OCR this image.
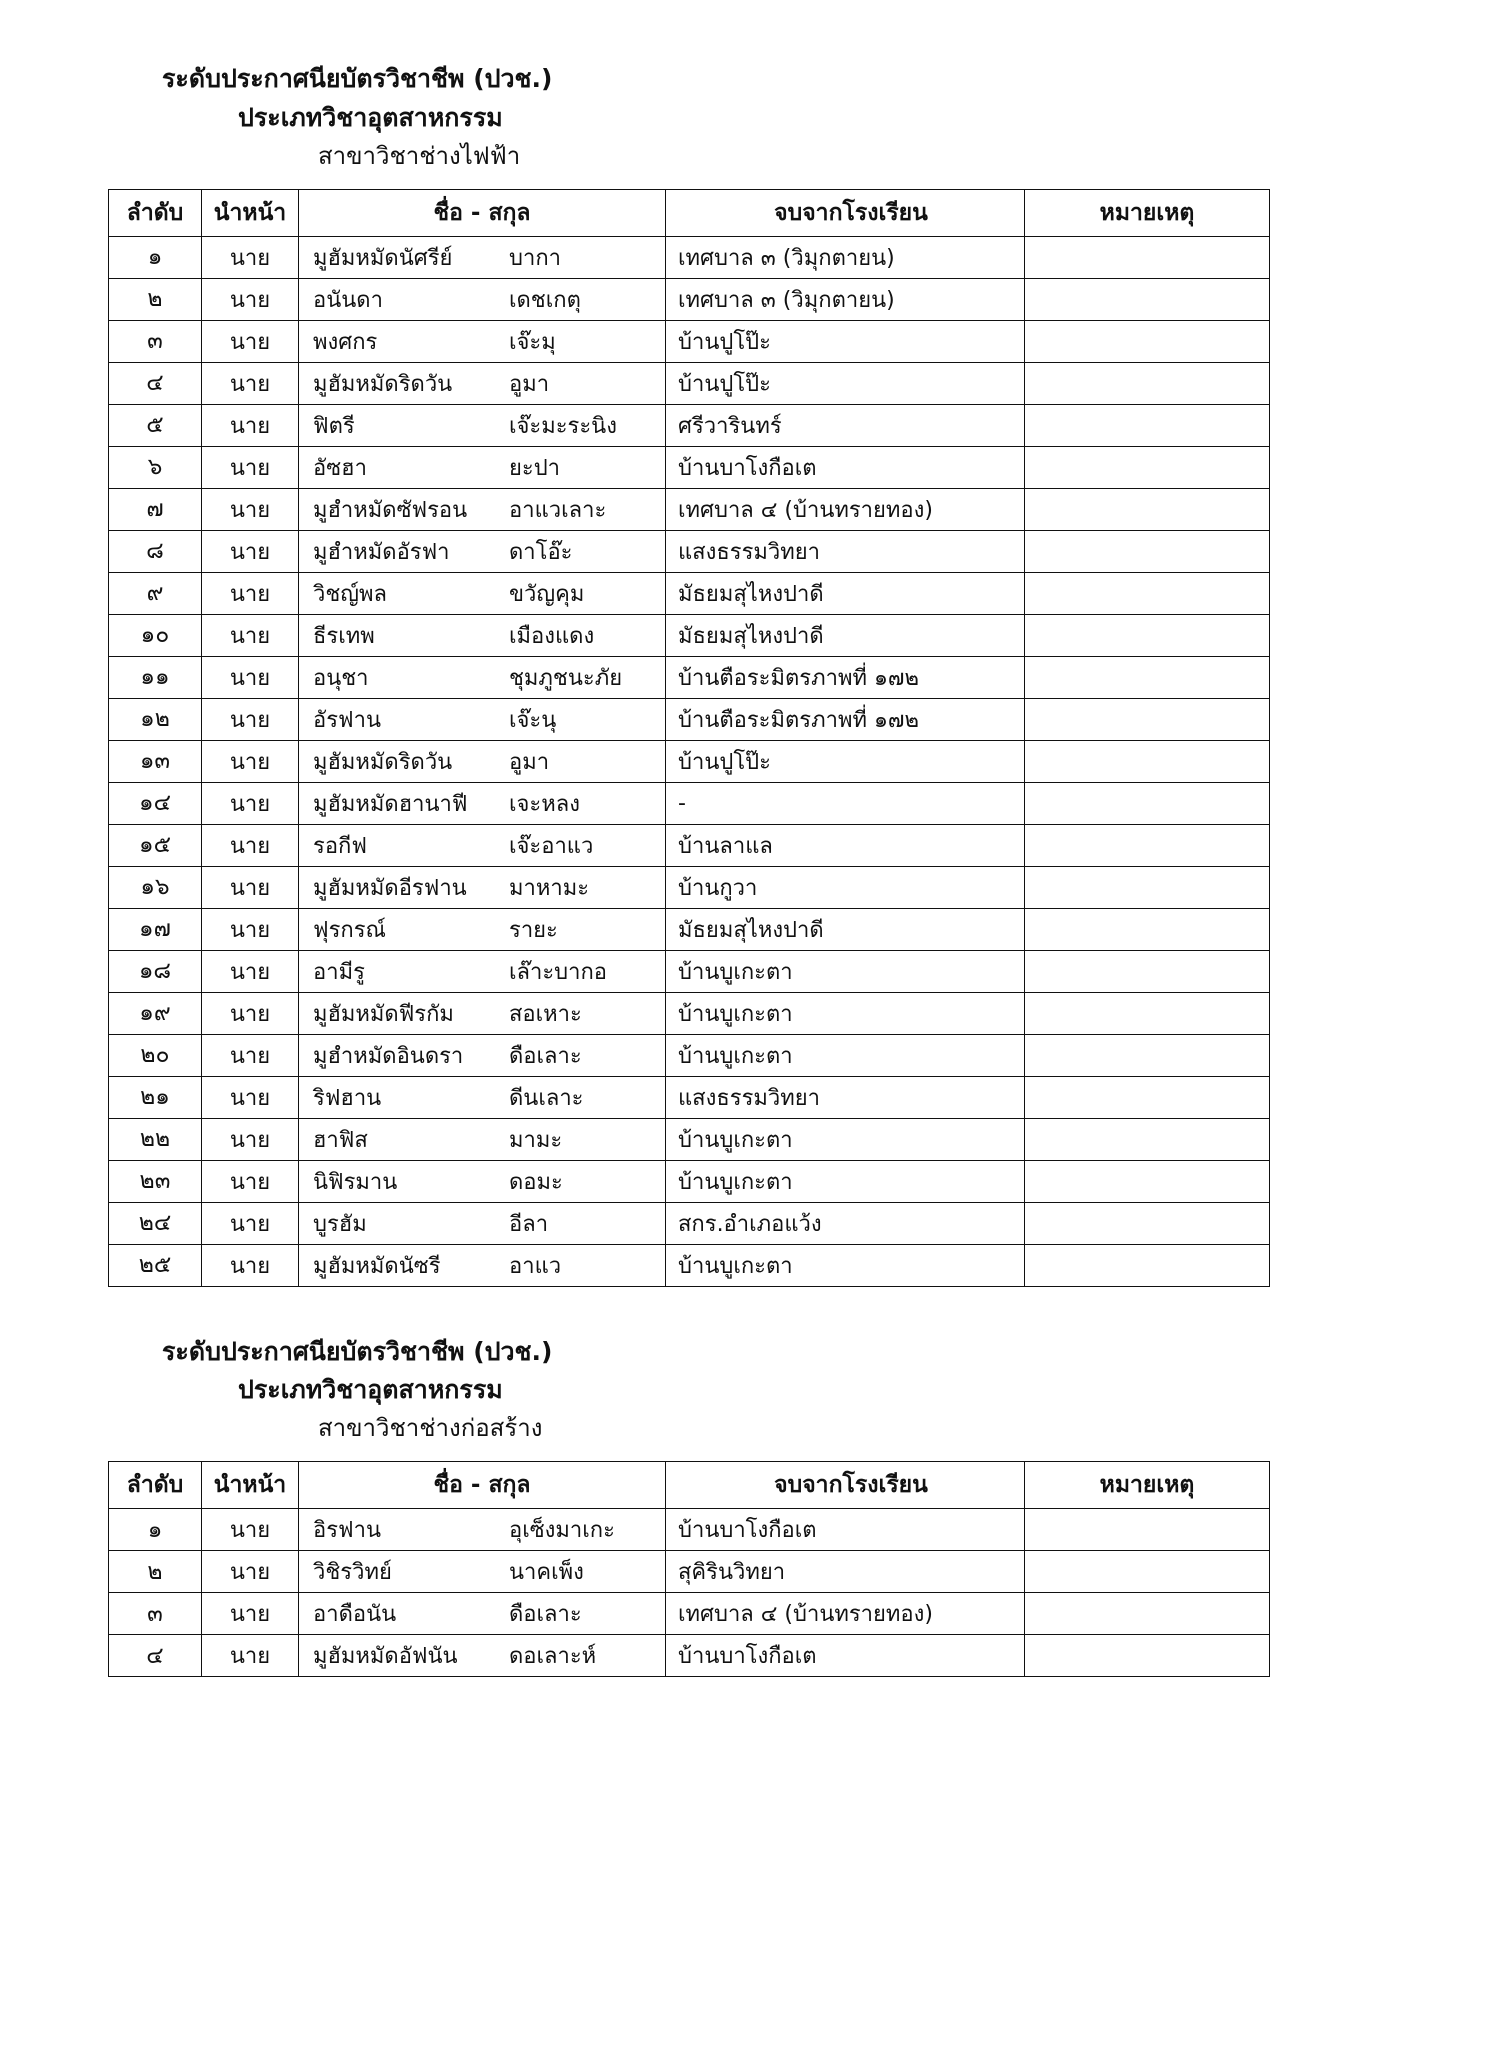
ระดับประกาศนียบัตรวิชาชีพ (ปวช.)
ประเภทวิชาอุตสาหกรรม
สาขาวิชาช่างไฟฟ้า
ลำดับ	นำหน้า	ชื่อ - สกุล	จบจากโรงเรียน	หมายเหตุ
๑	นาย	มูฮัมหมัดนัศรีย์ บากา	เทศบาล ๓ (วิมุกตายน)	
๒	นาย	อนันดา เดชเกตุ	เทศบาล ๓ (วิมุกตายน)	
๓	นาย	พงศกร เจ๊ะมุ	บ้านปูโป๊ะ	
๔	นาย	มูฮัมหมัดริดวัน อูมา	บ้านปูโป๊ะ	
๕	นาย	ฟิตรี เจ๊ะมะระนิง	ศรีวารินทร์	
๖	นาย	อัซฮา ยะปา	บ้านบาโงกือเต	
๗	นาย	มูฮำหมัดซัฟรอน อาแวเลาะ	เทศบาล ๔ (บ้านทรายทอง)	
๘	นาย	มูฮำหมัดอัรฟา ดาโอ๊ะ	แสงธรรมวิทยา	
๙	นาย	วิชญ์พล ขวัญคุม	มัธยมสุไหงปาดี	
๑๐	นาย	ธีรเทพ เมืองแดง	มัธยมสุไหงปาดี	
๑๑	นาย	อนุชา ชุมภูชนะภัย	บ้านตือระมิตรภาพที่ ๑๗๒	
๑๒	นาย	อัรฟาน เจ๊ะนุ	บ้านตือระมิตรภาพที่ ๑๗๒	
๑๓	นาย	มูฮัมหมัดริดวัน อูมา	บ้านปูโป๊ะ	
๑๔	นาย	มูฮัมหมัดฮานาฟี เจะหลง	-	
๑๕	นาย	รอกีฟ เจ๊ะอาแว	บ้านลาแล	
๑๖	นาย	มูฮัมหมัดอีรฟาน มาหามะ	บ้านกูวา	
๑๗	นาย	ฟุรกรณ์ รายะ	มัธยมสุไหงปาดี	
๑๘	นาย	อามีรู เล๊าะบากอ	บ้านบูเกะตา	
๑๙	นาย	มูฮัมหมัดฟีรกัม สอเหาะ	บ้านบูเกะตา	
๒๐	นาย	มูฮำหมัดอินดรา ดือเลาะ	บ้านบูเกะตา	
๒๑	นาย	ริฟฮาน ดีนเลาะ	แสงธรรมวิทยา	
๒๒	นาย	ฮาฟิส มามะ	บ้านบูเกะตา	
๒๓	นาย	นิฟิรมาน ดอมะ	บ้านบูเกะตา	
๒๔	นาย	บูรฮัม อีลา	สกร.อำเภอแว้ง	
๒๕	นาย	มูฮัมหมัดนัซรี อาแว	บ้านบูเกะตา	
ระดับประกาศนียบัตรวิชาชีพ (ปวช.)
ประเภทวิชาอุตสาหกรรม
สาขาวิชาช่างก่อสร้าง
ลำดับ	นำหน้า	ชื่อ - สกุล	จบจากโรงเรียน	หมายเหตุ
๑	นาย	อิรฟาน อุเซ็งมาเกะ	บ้านบาโงกือเต	
๒	นาย	วิชิรวิทย์ นาคเพ็ง	สุคิรินวิทยา	
๓	นาย	อาดือนัน ดือเลาะ	เทศบาล ๔ (บ้านทรายทอง)	
๔	นาย	มูฮัมหมัดอัฟนัน ดอเลาะห์	บ้านบาโงกือเต	
